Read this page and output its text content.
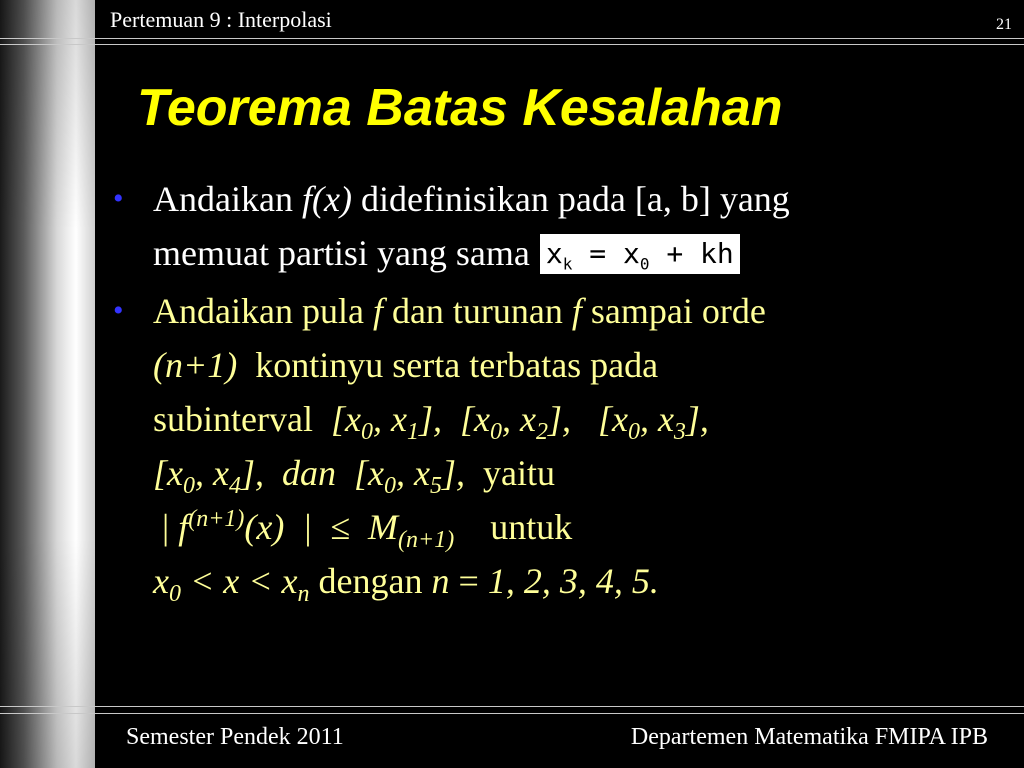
Pertemuan 9 : Interpolasi	21
Teorema Batas Kesalahan
• Andaikan f(x) didefinisikan pada [a, b] yang
memuat partisi yang sama $x_k = x_0$ + kh
• Andaikan pula f dan turunan f sampai orde
(n+1)  kontinyu serta terbatas pada
subinterval  [$x_0$, $x_1$],  [$x_0$, $x_2$],   [$x_0$, $x_3$],
[$x_0$, $x_4$],  dan  [$x_0$, $x_5$],  yaitu
| $f^{(n+1)}(x)$  |  ≤  $M_{(n+1)}$    untuk
$x_0 < x < x_n$ dengan n = 1, 2, 3, 4, 5.
Semester Pendek 2011	Departemen Matematika FMIPA IPB
